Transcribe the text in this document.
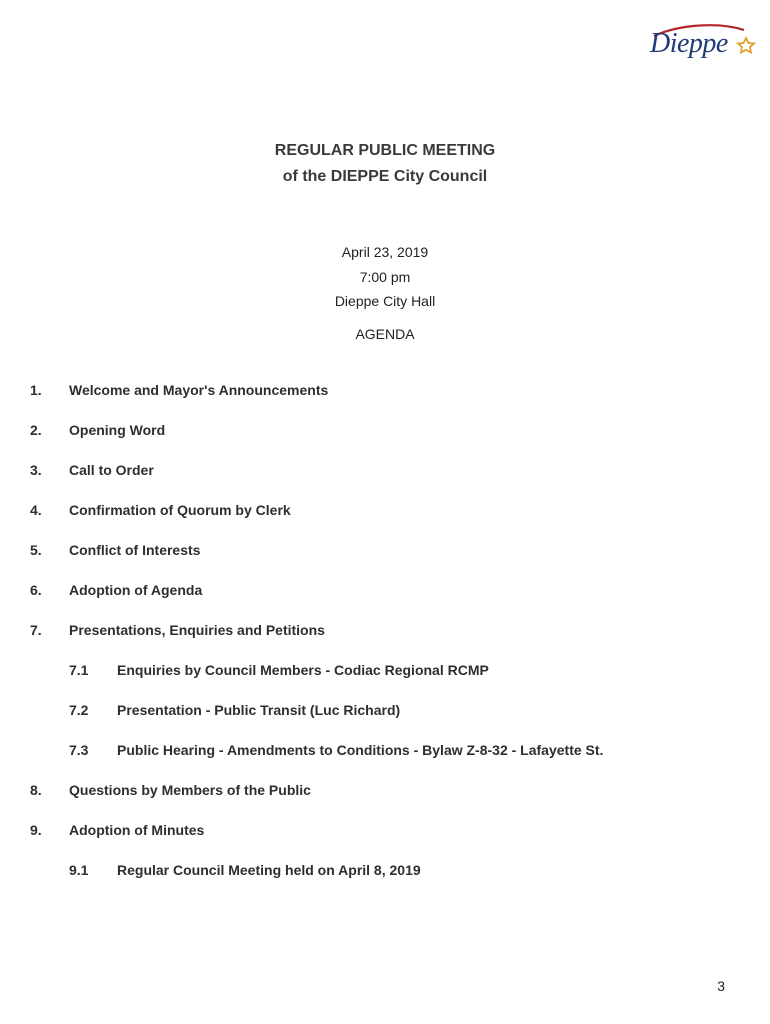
Dieppe
REGULAR PUBLIC MEETING
of the DIEPPE City Council
April 23, 2019
7:00 pm
Dieppe City Hall
AGENDA
1. Welcome and Mayor's Announcements
2. Opening Word
3. Call to Order
4. Confirmation of Quorum by Clerk
5. Conflict of Interests
6. Adoption of Agenda
7. Presentations, Enquiries and Petitions
7.1 Enquiries by Council Members - Codiac Regional RCMP
7.2 Presentation - Public Transit (Luc Richard)
7.3 Public Hearing - Amendments to Conditions - Bylaw Z-8-32 - Lafayette St.
8. Questions by Members of the Public
9. Adoption of Minutes
9.1 Regular Council Meeting held on April 8, 2019
3
